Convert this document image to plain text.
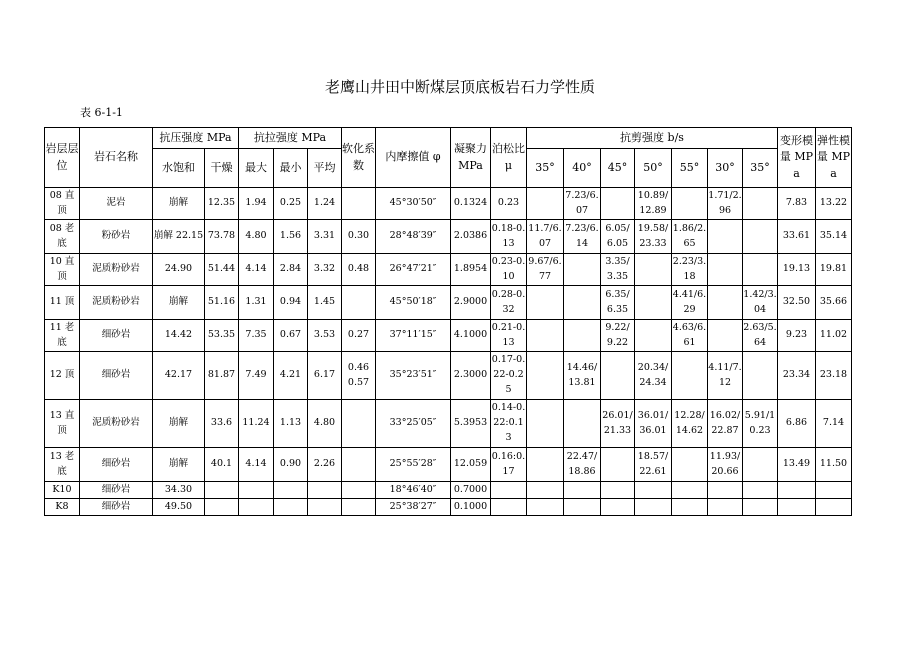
老鹰山井田中断煤层顶底板岩石力学性质
表 6-1-1
岩层层位	岩石名称	抗压强度 MPa		抗拉强度 MPa			软化系数	内摩擦值 φ	凝聚力 MPa	泊松比 μ	抗剪强度 b/s							变形模量 MPa	弹性模量 MPa
		水饱和	干燥	最大	最小	平均					35°	40°	45°	50°	55°	30°	35°		
08 直顶	泥岩	崩解	12.35	1.94	0.25	1.24		45°30′50″	0.1324	0.23		7.23/6.07		10.89/12.89		1.71/2.96		7.83	13.22
08 老底	粉砂岩	崩解 22.15	73.78	4.80	1.56	3.31	0.30	28°48′39″	2.0386	0.18-0.13	11.7/6.07	7.23/6.14	6.05/6.05	19.58/23.33	1.86/2.65			33.61	35.14
10 直顶	泥质粉砂岩	24.90	51.44	4.14	2.84	3.32	0.48	26°47′21″	1.8954	0.23-0.10	9.67/6.77		3.35/3.35		2.23/3.18			19.13	19.81
11 顶	泥质粉砂岩	崩解	51.16	1.31	0.94	1.45		45°50′18″	2.9000	0.28-0.32			6.35/6.35		4.41/6.29		1.42/3.04	32.50	35.66
11 老底	细砂岩	14.42	53.35	7.35	0.67	3.53	0.27	37°11′15″	4.1000	0.21-0.13			9.22/9.22		4.63/6.61		2.63/5.64	9.23	11.02
12 顶	细砂岩	42.17	81.87	7.49	4.21	6.17	0.46 0.57	35°23′51″	2.3000	0.17-0.22-0.25		14.46/13.81		20.34/24.34		4.11/7.12		23.34	23.18
13 直顶	泥质粉砂岩	崩解	33.6	11.24	1.13	4.80		33°25′05″	5.3953	0.14-0.22:0.13			26.01/21.33	36.01/36.01	12.28/14.62	16.02/22.87	5.91/10.23	6.86	7.14
13 老底	细砂岩	崩解	40.1	4.14	0.90	2.26		25°55′28″	12.059	0.16:0.17		22.47/18.86		18.57/22.61		11.93/20.66		13.49	11.50
K10	细砂岩	34.30						18°46′40″	0.7000										
K8	细砂岩	49.50						25°38′27″	0.1000										
